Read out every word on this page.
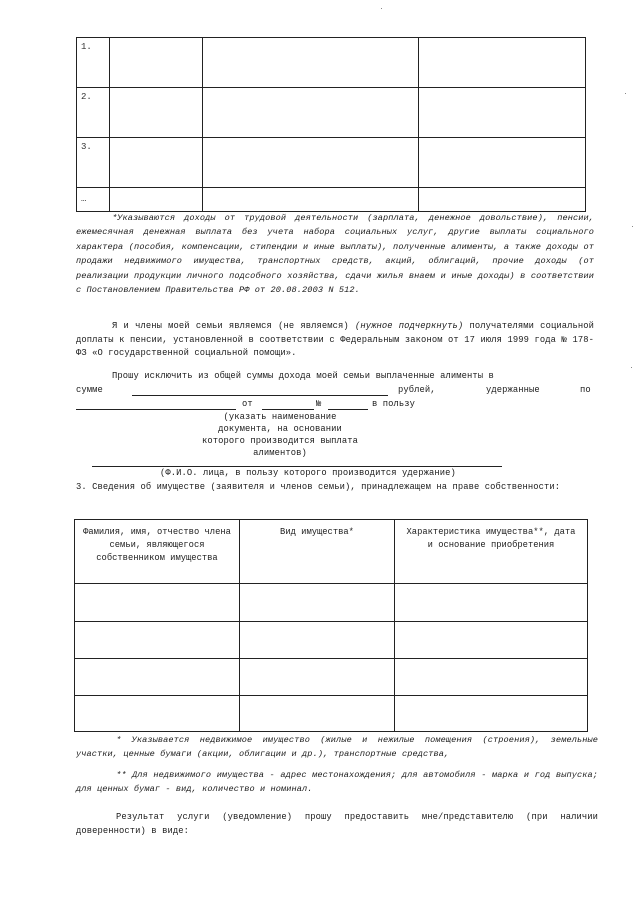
1.			

2.			

3.			

…			

*Указываются доходы от трудовой деятельности (зарплата, денежное довольствие), пенсии, ежемесячная денежная выплата без учета набора социальных услуг, другие выплаты социального характера (пособия, компенсации, стипендии и иные выплаты), полученные алименты, а также доходы от продажи недвижимого имущества, транспортных средств, акций, облигаций, прочие доходы (от реализации продукции личного подсобного хозяйства, сдачи жилья внаем и иные доходы) в соответствии с Постановлением Правительства РФ от 20.08.2003 N 512.
Я и члены моей семьи являемся (не являемся) (нужное подчеркнуть) получателями социальной доплаты к пенсии, установленной в соответствии с Федеральным законом от 17 июля 1999 года № 178-ФЗ «О государственной социальной помощи».
Прошу исключить из общей суммы дохода моей семьи выплаченные алименты в
сумме	рублей,	удержанные	по
от	№	в пользу
(указать наименование
документа, на основании
которого производится выплата
алиментов)
(Ф.И.О. лица, в пользу которого производится удержание)
3. Сведения об имуществе (заявителя и членов семьи), принадлежащем на праве собственности:
Фамилия, имя, отчество члена семьи, являющегося собственником имущества	Вид имущества*	Характеристика имущества**, дата и основание приобретения

* Указывается недвижимое имущество (жилые и нежилые помещения (строения), земельные участки, ценные бумаги (акции, облигации и др.), транспортные средства,
** Для недвижимого имущества - адрес местонахождения; для автомобиля - марка и год выпуска; для ценных бумаг - вид, количество и номинал.
Результат услуги (уведомление) прошу предоставить мне/представителю (при наличии доверенности) в виде:
